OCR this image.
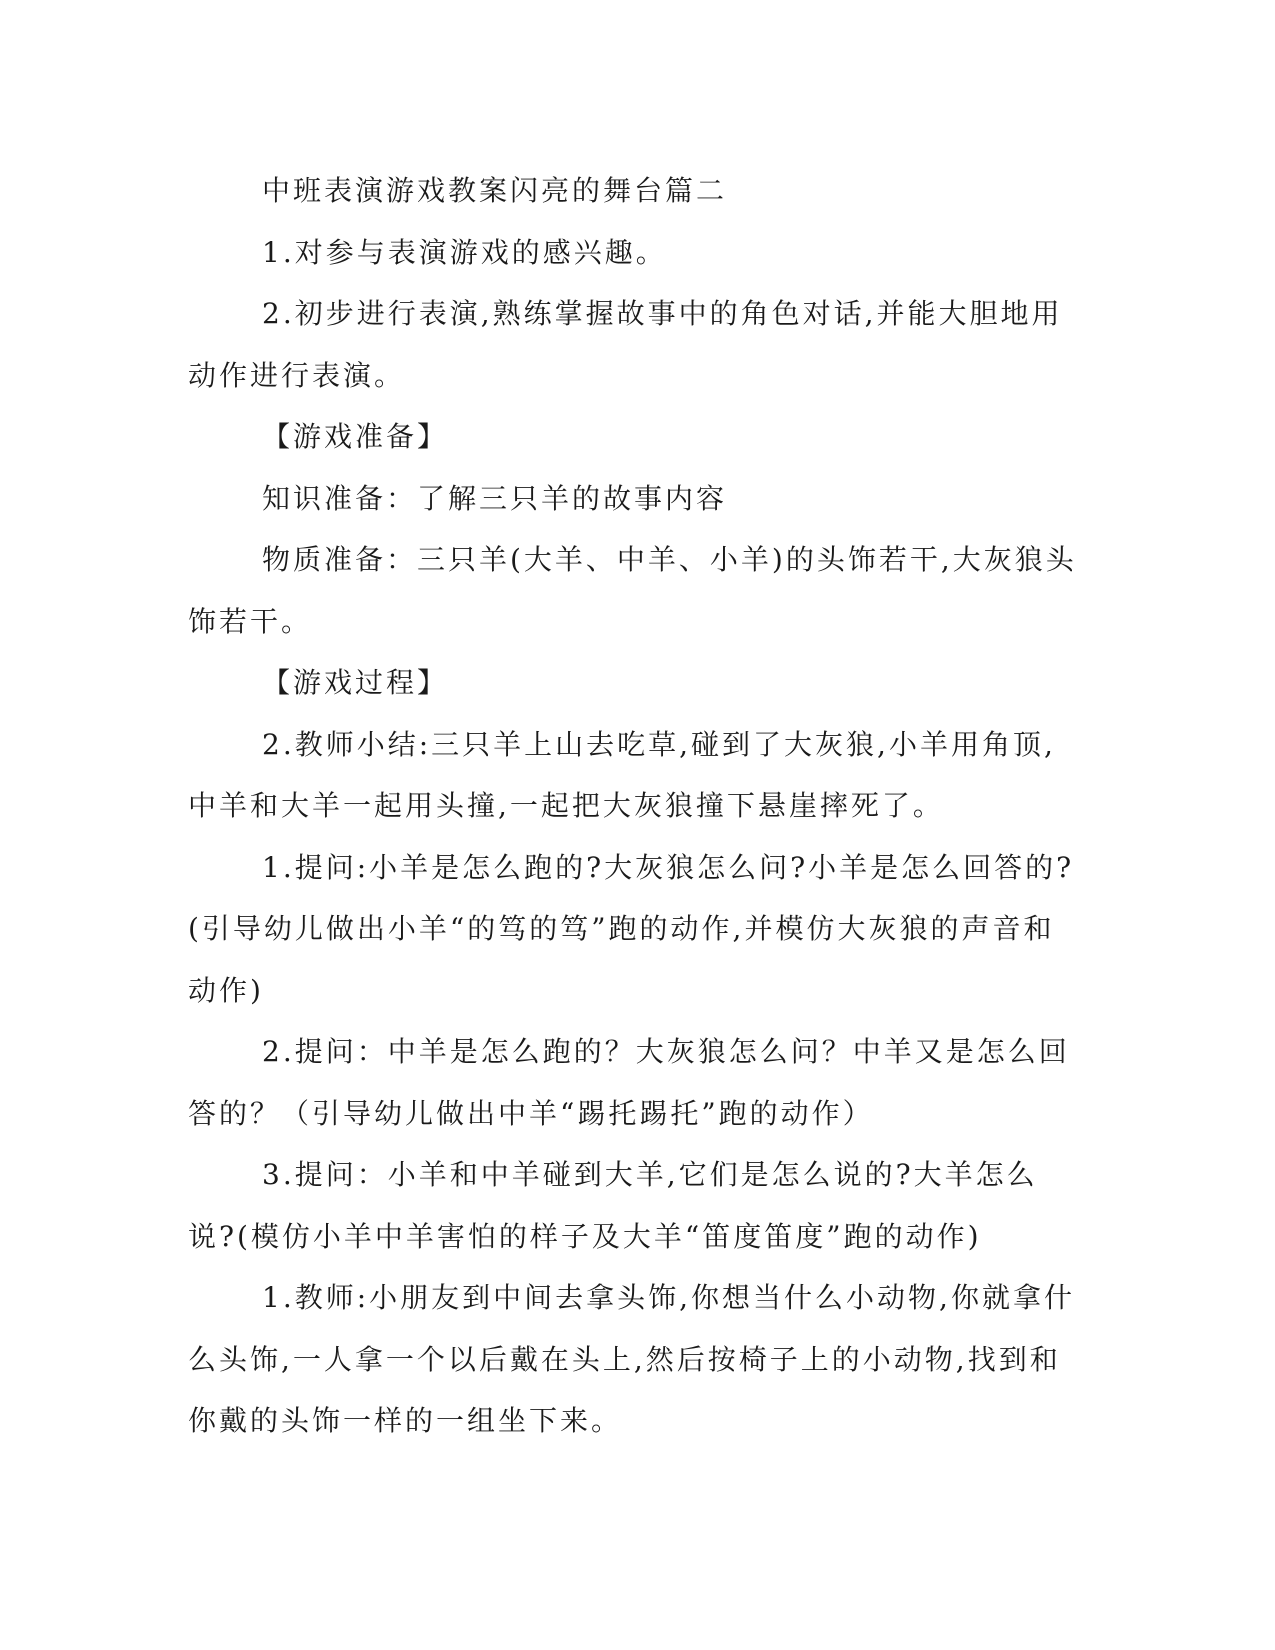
中班表演游戏教案闪亮的舞台篇二

1.对参与表演游戏的感兴趣。

2.初步进行表演,熟练掌握故事中的角色对话,并能大胆地用动作进行表演。

【游戏准备】

知识准备：了解三只羊的故事内容

物质准备：三只羊(大羊、中羊、小羊)的头饰若干,大灰狼头饰若干。

【游戏过程】

2.教师小结:三只羊上山去吃草,碰到了大灰狼,小羊用角顶,中羊和大羊一起用头撞,一起把大灰狼撞下悬崖摔死了。

1.提问:小羊是怎么跑的?大灰狼怎么问?小羊是怎么回答的?(引导幼儿做出小羊“的笃的笃”跑的动作,并模仿大灰狼的声音和动作)

2.提问：中羊是怎么跑的？大灰狼怎么问？中羊又是怎么回答的？（引导幼儿做出中羊“踢托踢托”跑的动作）

3.提问：小羊和中羊碰到大羊,它们是怎么说的?大羊怎么说?(模仿小羊中羊害怕的样子及大羊“笛度笛度”跑的动作)

1.教师:小朋友到中间去拿头饰,你想当什么小动物,你就拿什么头饰,一人拿一个以后戴在头上,然后按椅子上的小动物,找到和你戴的头饰一样的一组坐下来。
